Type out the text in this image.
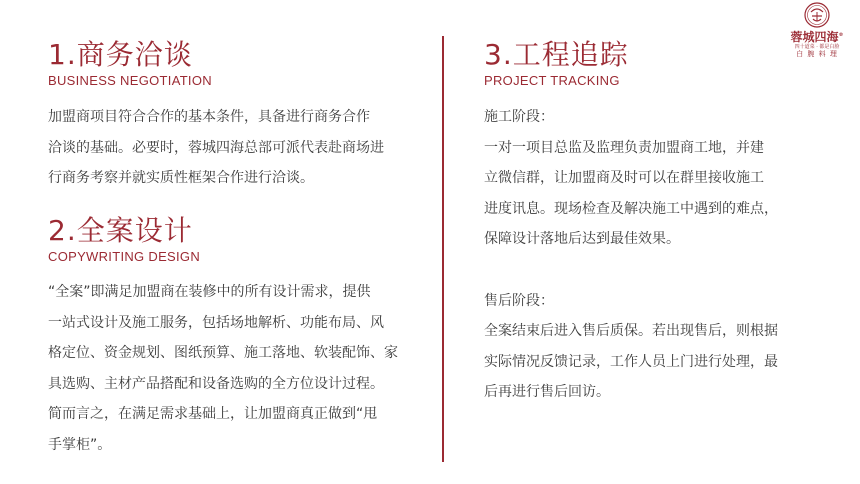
蓉城四海®
四十道菜 · 都是白脸
白 腕 料 理
1.商务洽谈
BUSINESS NEGOTIATION
加盟商项目符合合作的基本条件，具备进行商务合作
洽谈的基础。必要时，蓉城四海总部可派代表赴商场进
行商务考察并就实质性框架合作进行洽谈。
2.全案设计
COPYWRITING DESIGN
“全案”即满足加盟商在装修中的所有设计需求，提供
一站式设计及施工服务，包括场地解析、功能布局、风
格定位、资金规划、图纸预算、施工落地、软装配饰、家
具选购、主材产品搭配和设备选购的全方位设计过程。
简而言之，在满足需求基础上，让加盟商真正做到“甩
手掌柜”。
3.工程追踪
PROJECT TRACKING
施工阶段：
一对一项目总监及监理负责加盟商工地，并建
立微信群，让加盟商及时可以在群里接收施工
进度讯息。现场检查及解决施工中遇到的难点，
保障设计落地后达到最佳效果。
售后阶段：
全案结束后进入售后质保。若出现售后，则根据
实际情况反馈记录，工作人员上门进行处理，最
后再进行售后回访。
